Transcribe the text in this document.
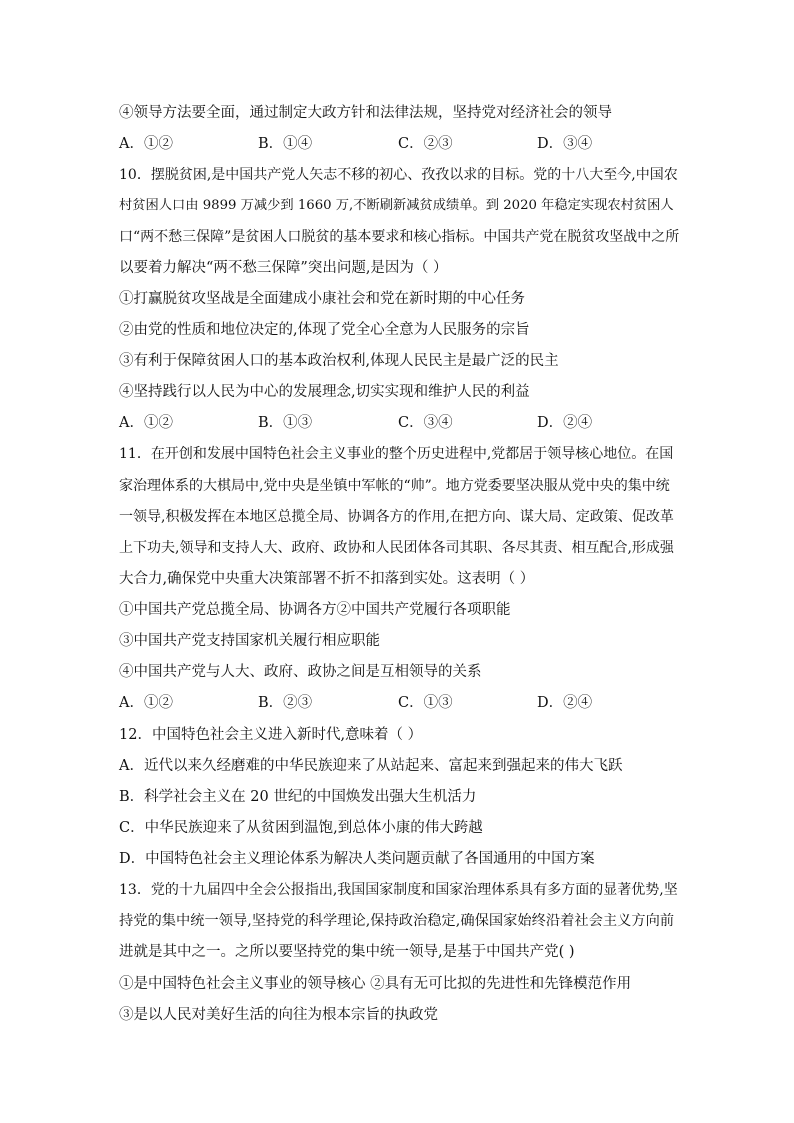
④领导方法要全面，通过制定大政方针和法律法规，坚持党对经济社会的领导
A．①②	B．①④	C．②③	D．③④
10．摆脱贫困,是中国共产党人矢志不移的初心、孜孜以求的目标。党的十八大至今,中国农
村贫困人口由 9899 万减少到 1660 万,不断刷新减贫成绩单。到 2020 年稳定实现农村贫困人
口“两不愁三保障”是贫困人口脱贫的基本要求和核心指标。中国共产党在脱贫攻坚战中之所
以要着力解决“两不愁三保障”突出问题,是因为（ ）
①打赢脱贫攻坚战是全面建成小康社会和党在新时期的中心任务
②由党的性质和地位决定的,体现了党全心全意为人民服务的宗旨
③有利于保障贫困人口的基本政治权利,体现人民民主是最广泛的民主
④坚持践行以人民为中心的发展理念,切实实现和维护人民的利益
A．①②	B．①③	C．③④	D．②④
11．在开创和发展中国特色社会主义事业的整个历史进程中,党都居于领导核心地位。在国
家治理体系的大棋局中,党中央是坐镇中军帐的“帅”。地方党委要坚决服从党中央的集中统
一领导,积极发挥在本地区总揽全局、协调各方的作用,在把方向、谋大局、定政策、促改革
上下功夫,领导和支持人大、政府、政协和人民团体各司其职、各尽其责、相互配合,形成强
大合力,确保党中央重大决策部署不折不扣落到实处。这表明（ ）
①中国共产党总揽全局、协调各方②中国共产党履行各项职能
③中国共产党支持国家机关履行相应职能
④中国共产党与人大、政府、政协之间是互相领导的关系
A．①②	B．②③	C．①③	D．②④
12．中国特色社会主义进入新时代,意味着（ ）
A．近代以来久经磨难的中华民族迎来了从站起来、富起来到强起来的伟大飞跃
B．科学社会主义在 20 世纪的中国焕发出强大生机活力
C．中华民族迎来了从贫困到温饱,到总体小康的伟大跨越
D．中国特色社会主义理论体系为解决人类问题贡献了各国通用的中国方案
13．党的十九届四中全会公报指出,我国国家制度和国家治理体系具有多方面的显著优势,坚
持党的集中统一领导,坚持党的科学理论,保持政治稳定,确保国家始终沿着社会主义方向前
进就是其中之一。之所以要坚持党的集中统一领导,是基于中国共产党( )
①是中国特色社会主义事业的领导核心 ②具有无可比拟的先进性和先锋模范作用
③是以人民对美好生活的向往为根本宗旨的执政党
